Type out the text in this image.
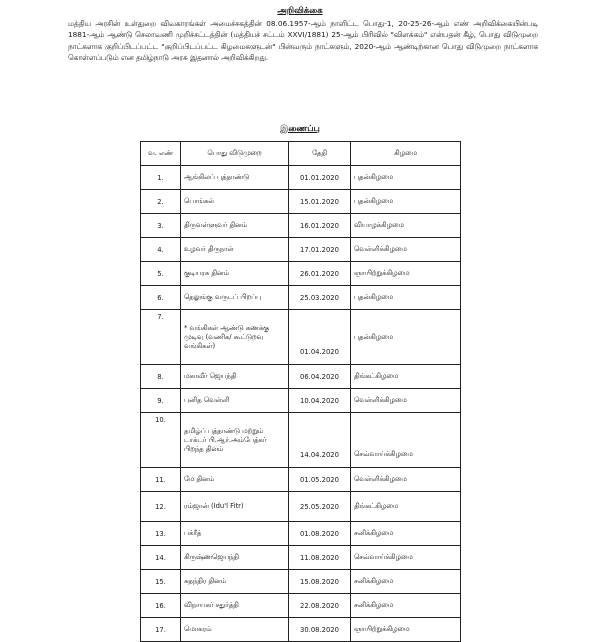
அறிவிக்கை

மத்திய அரசின் உள்துறை விவகாரங்கள் அமைச்சகத்தின் 08.06.1957-ஆம் நாளிட்ட பொது-1, 20-25-26-ஆம் எண் அறிவிக்கையின்படி 1881-ஆம் ஆண்டு செலாவணி முறிச்சட்டத்தின் (மத்தியச் சட்டம் XXVI/1881) 25-ஆம் பிரிவில் "விளக்கம்" என்பதன் கீழ், பொது விடுமுறை நாட்களாக குறிப்பிடப்பட்ட "குறிப்பிடப்பட்ட கிழமைகளுடன்" பின்வரும் நாட்களும், 2020-ஆம் ஆண்டிற்கான பொது விடுமுறை நாட்களாக கொள்ளப்படும் என தமிழ்நாடு அரசு இதனால் அறிவிக்கிறது.

இணைப்பு
வ. எண்	பொது விடுமுறை	தேதி	கிழமை
1.	ஆங்கிலப் புத்தாண்டு	01.01.2020	புதன்கிழமை
2.	பொங்கல்	15.01.2020	புதன்கிழமை
3.	திருவள்ளுவர் தினம்	16.01.2020	வியாழக்கிழமை
4.	உழவர் திருநாள்	17.01.2020	வெள்ளிக்கிழமை
5.	குடியரசு தினம்	26.01.2020	ஞாயிற்றுக்கிழமை
6.	தெலுங்கு வருடப் பிறப்பு	25.03.2020	புதன்கிழமை
7.	* வங்கிகள் ஆண்டு கணக்கு முடிவு (வணிக/ கூட்டுறவு வங்கிகள்)	01.04.2020	புதன்கிழமை
8.	மகாவீர் ஜெயந்தி	06.04.2020	திங்கட்கிழமை
9.	புனித வெள்ளி	10.04.2020	வெள்ளிக்கிழமை
10.	தமிழ்ப் புத்தாண்டு மற்றும் டாக்டர் பி.ஆர்.அம்பேத்கர் பிறந்த தினம்	14.04.2020	செவ்வாய்க்கிழமை
11.	மே தினம்	01.05.2020	வெள்ளிக்கிழமை
12.	ரம்ஜான் (Idu'l Fitr)	25.05.2020	திங்கட்கிழமை
13.	பக்ரீத்	01.08.2020	சனிக்கிழமை
14.	கிருஷ்ணஜெயந்தி	11.08.2020	செவ்வாய்க்கிழமை
15.	சுதந்திர தினம்	15.08.2020	சனிக்கிழமை
16.	விநாயகர் சதுர்த்தி	22.08.2020	சனிக்கிழமை
17.	மொகரம்	30.08.2020	ஞாயிற்றுக்கிழமை
